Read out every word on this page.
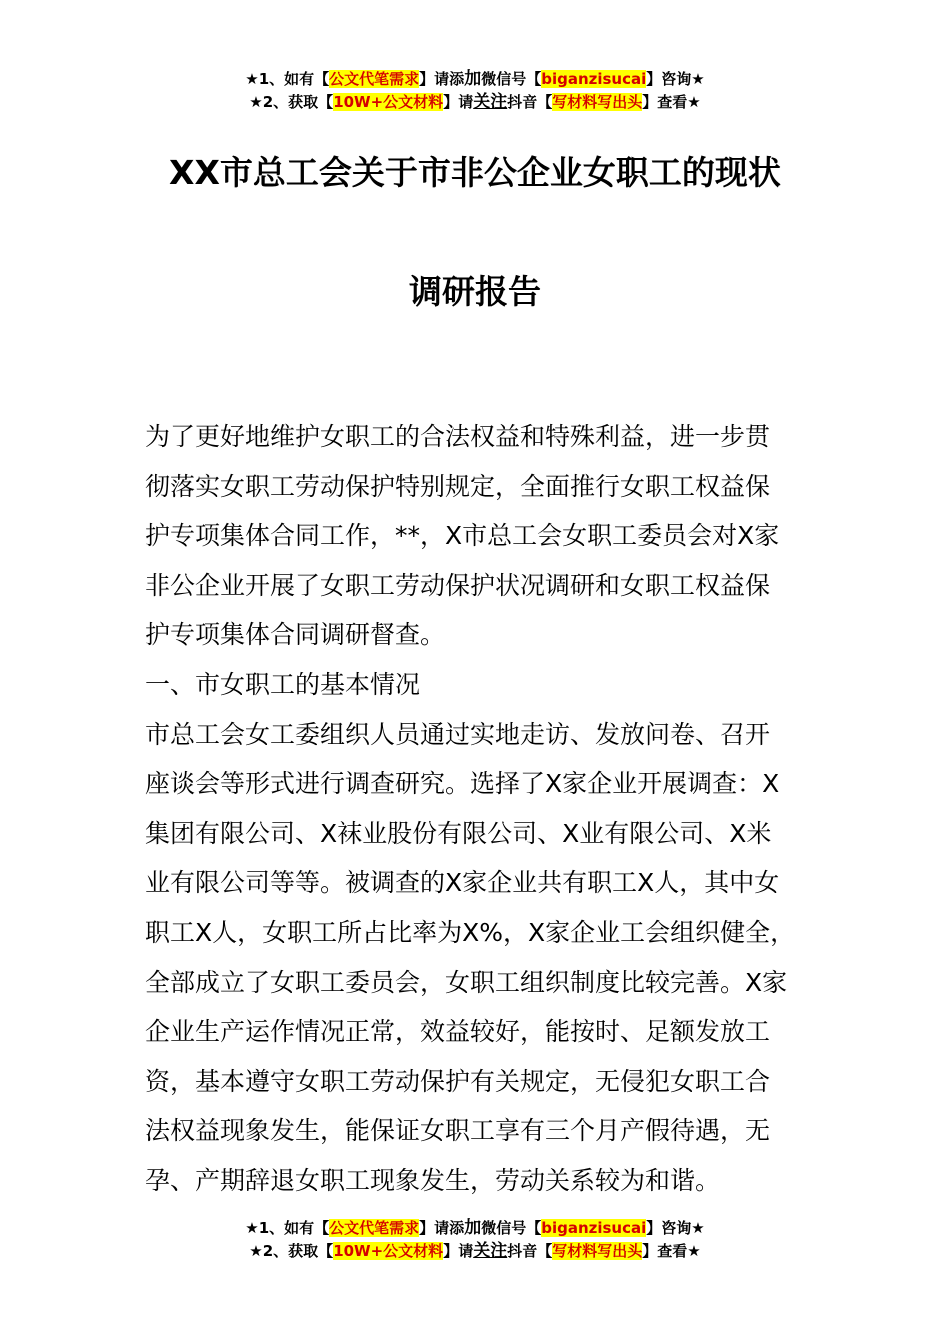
★1、如有【公文代笔需求】请添加微信号【biganzisucai】咨询★
★2、获取【10W+公文材料】请关注抖音【写材料写出头】查看★
XX市总工会关于市非公企业女职工的现状
调研报告
为了更好地维护女职工的合法权益和特殊利益，进一步贯
彻落实女职工劳动保护特别规定，全面推行女职工权益保
护专项集体合同工作，**，X市总工会女职工委员会对X家
非公企业开展了女职工劳动保护状况调研和女职工权益保
护专项集体合同调研督查。
一、市女职工的基本情况
市总工会女工委组织人员通过实地走访、发放问卷、召开
座谈会等形式进行调查研究。选择了X家企业开展调查：X
集团有限公司、X袜业股份有限公司、X业有限公司、X米
业有限公司等等。被调查的X家企业共有职工X人，其中女
职工X人，女职工所占比率为X%，X家企业工会组织健全，
全部成立了女职工委员会，女职工组织制度比较完善。X家
企业生产运作情况正常，效益较好，能按时、足额发放工
资，基本遵守女职工劳动保护有关规定，无侵犯女职工合
法权益现象发生，能保证女职工享有三个月产假待遇，无
孕、产期辞退女职工现象发生，劳动关系较为和谐。
★1、如有【公文代笔需求】请添加微信号【biganzisucai】咨询★
★2、获取【10W+公文材料】请关注抖音【写材料写出头】查看★
